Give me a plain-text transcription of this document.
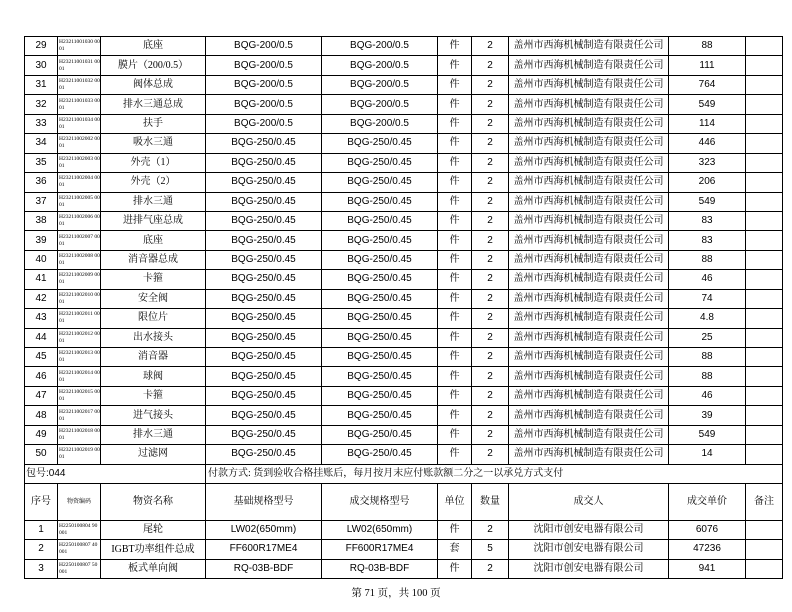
29	H23211001030 0001	底座	BQG-200/0.5	BQG-200/0.5	件	2	盖州市西海机械制造有限责任公司	88	
30	H23211001031 0001	膜片（200/0.5）	BQG-200/0.5	BQG-200/0.5	件	2	盖州市西海机械制造有限责任公司	111	
31	H23211001032 0001	阀体总成	BQG-200/0.5	BQG-200/0.5	件	2	盖州市西海机械制造有限责任公司	764	
32	H23211001033 0001	排水三通总成	BQG-200/0.5	BQG-200/0.5	件	2	盖州市西海机械制造有限责任公司	549	
33	H23211001034 0001	扶手	BQG-200/0.5	BQG-200/0.5	件	2	盖州市西海机械制造有限责任公司	114	
34	H23211002002 0001	吸水三通	BQG-250/0.45	BQG-250/0.45	件	2	盖州市西海机械制造有限责任公司	446	
35	H23211002003 0001	外壳（1）	BQG-250/0.45	BQG-250/0.45	件	2	盖州市西海机械制造有限责任公司	323	
36	H23211002004 0001	外壳（2）	BQG-250/0.45	BQG-250/0.45	件	2	盖州市西海机械制造有限责任公司	206	
37	H23211002005 0001	排水三通	BQG-250/0.45	BQG-250/0.45	件	2	盖州市西海机械制造有限责任公司	549	
38	H23211002006 0001	进排气座总成	BQG-250/0.45	BQG-250/0.45	件	2	盖州市西海机械制造有限责任公司	83	
39	H23211002007 0001	底座	BQG-250/0.45	BQG-250/0.45	件	2	盖州市西海机械制造有限责任公司	83	
40	H23211002008 0001	消音器总成	BQG-250/0.45	BQG-250/0.45	件	2	盖州市西海机械制造有限责任公司	88	
41	H23211002009 0001	卡箍	BQG-250/0.45	BQG-250/0.45	件	2	盖州市西海机械制造有限责任公司	46	
42	H23211002010 0001	安全阀	BQG-250/0.45	BQG-250/0.45	件	2	盖州市西海机械制造有限责任公司	74	
43	H23211002011 0001	限位片	BQG-250/0.45	BQG-250/0.45	件	2	盖州市西海机械制造有限责任公司	4.8	
44	H23211002012 0001	出水接头	BQG-250/0.45	BQG-250/0.45	件	2	盖州市西海机械制造有限责任公司	25	
45	H23211002013 0001	消音器	BQG-250/0.45	BQG-250/0.45	件	2	盖州市西海机械制造有限责任公司	88	
46	H23211002014 0001	球阀	BQG-250/0.45	BQG-250/0.45	件	2	盖州市西海机械制造有限责任公司	88	
47	H23211002015 0001	卡箍	BQG-250/0.45	BQG-250/0.45	件	2	盖州市西海机械制造有限责任公司	46	
48	H23211002017 0001	进气接头	BQG-250/0.45	BQG-250/0.45	件	2	盖州市西海机械制造有限责任公司	39	
49	H23211002018 0001	排水三通	BQG-250/0.45	BQG-250/0.45	件	2	盖州市西海机械制造有限责任公司	549	
50	H23211002019 0001	过滤网	BQG-250/0.45	BQG-250/0.45	件	2	盖州市西海机械制造有限责任公司	14	
包号:044			付款方式: 货到验收合格挂账后，每月按月末应付账款额二分之一以承兑方式支付						
序号	物资编码	物资名称	基础规格型号	成交规格型号	单位	数量	成交人	成交单价	备注
1	H2250100804 90001	尾轮	LW02(650mm)	LW02(650mm)	件	2	沈阳市创安电器有限公司	6076	
2	H2250100807 40001	IGBT功率组件总成	FF600R17ME4	FF600R17ME4	套	5	沈阳市创安电器有限公司	47236	
3	H2250100807 50001	板式单向阀	RQ-03B-BDF	RQ-03B-BDF	件	2	沈阳市创安电器有限公司	941	
第 71 页，共 100 页
